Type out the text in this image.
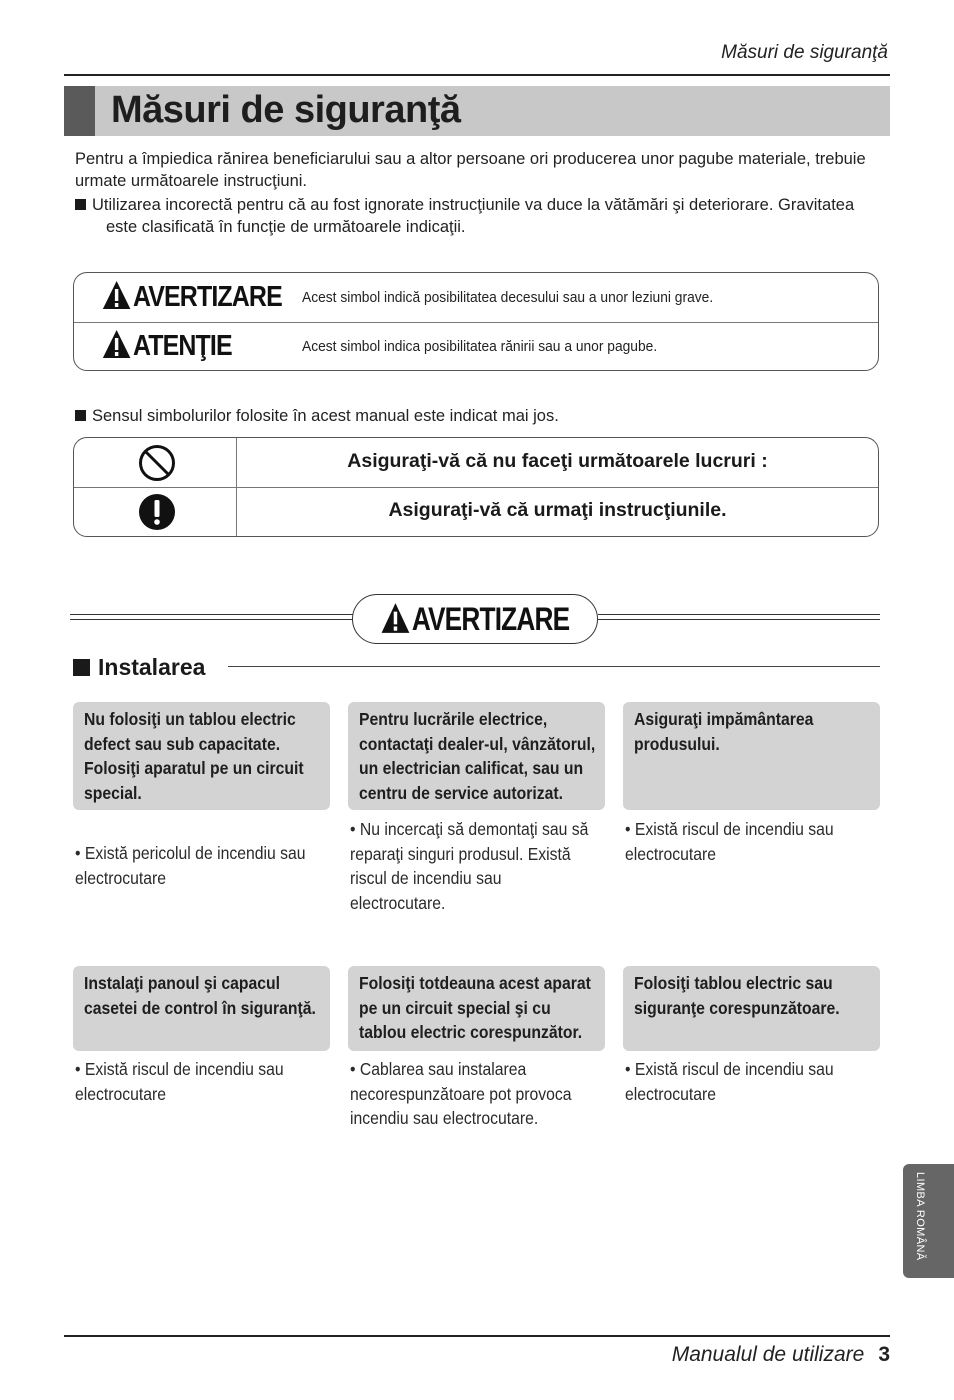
Măsuri de siguranţă
Măsuri de siguranţă

Pentru a împiedica rănirea beneficiarului sau a altor persoane ori producerea unor pagube materiale, trebuie urmate următoarele instrucţiuni.

Utilizarea incorectă pentru că au fost ignorate instrucţiunile va duce la vătămări şi deteriorare. Gravitatea este clasificată în funcţie de următoarele indicaţii.

AVERTIZARE Acest simbol indică posibilitatea decesului sau a unor leziuni grave.
ATENŢIE	Acest simbol indica posibilitatea rănirii sau a unor pagube.
Sensul simbolurilor folosite în acest manual este indicat mai jos.
Asiguraţi-vă că nu faceţi următoarele lucruri :
Asiguraţi-vă că urmaţi instrucţiunile.
AVERTIZARE
Instalarea
Nu folosiţi un tablou electric defect sau sub capacitate. Folosiţi aparatul pe un circuit special.
Pentru lucrările electrice, contactaţi dealer-ul, vânzătorul, un electrician calificat, sau un centru de service autorizat.
Asiguraţi impământarea produsului.
• Există pericolul de incendiu sau electrocutare
• Nu incercaţi să demontaţi sau să reparaţi singuri produsul. Există riscul de incendiu sau electrocutare.
• Există riscul de incendiu sau electrocutare
Instalaţi panoul şi capacul casetei de control în siguranţă.
Folosiţi totdeauna acest aparat pe un circuit special şi cu tablou electric corespunzător.
Folosiţi tablou electric sau siguranţe corespunzătoare.
• Există riscul de incendiu sau electrocutare
• Cablarea sau instalarea necorespunzătoare pot provoca incendiu sau electrocutare.
• Există riscul de incendiu sau electrocutare
LIMBA ROMÂNĂ
Manualul de utilizare 3
